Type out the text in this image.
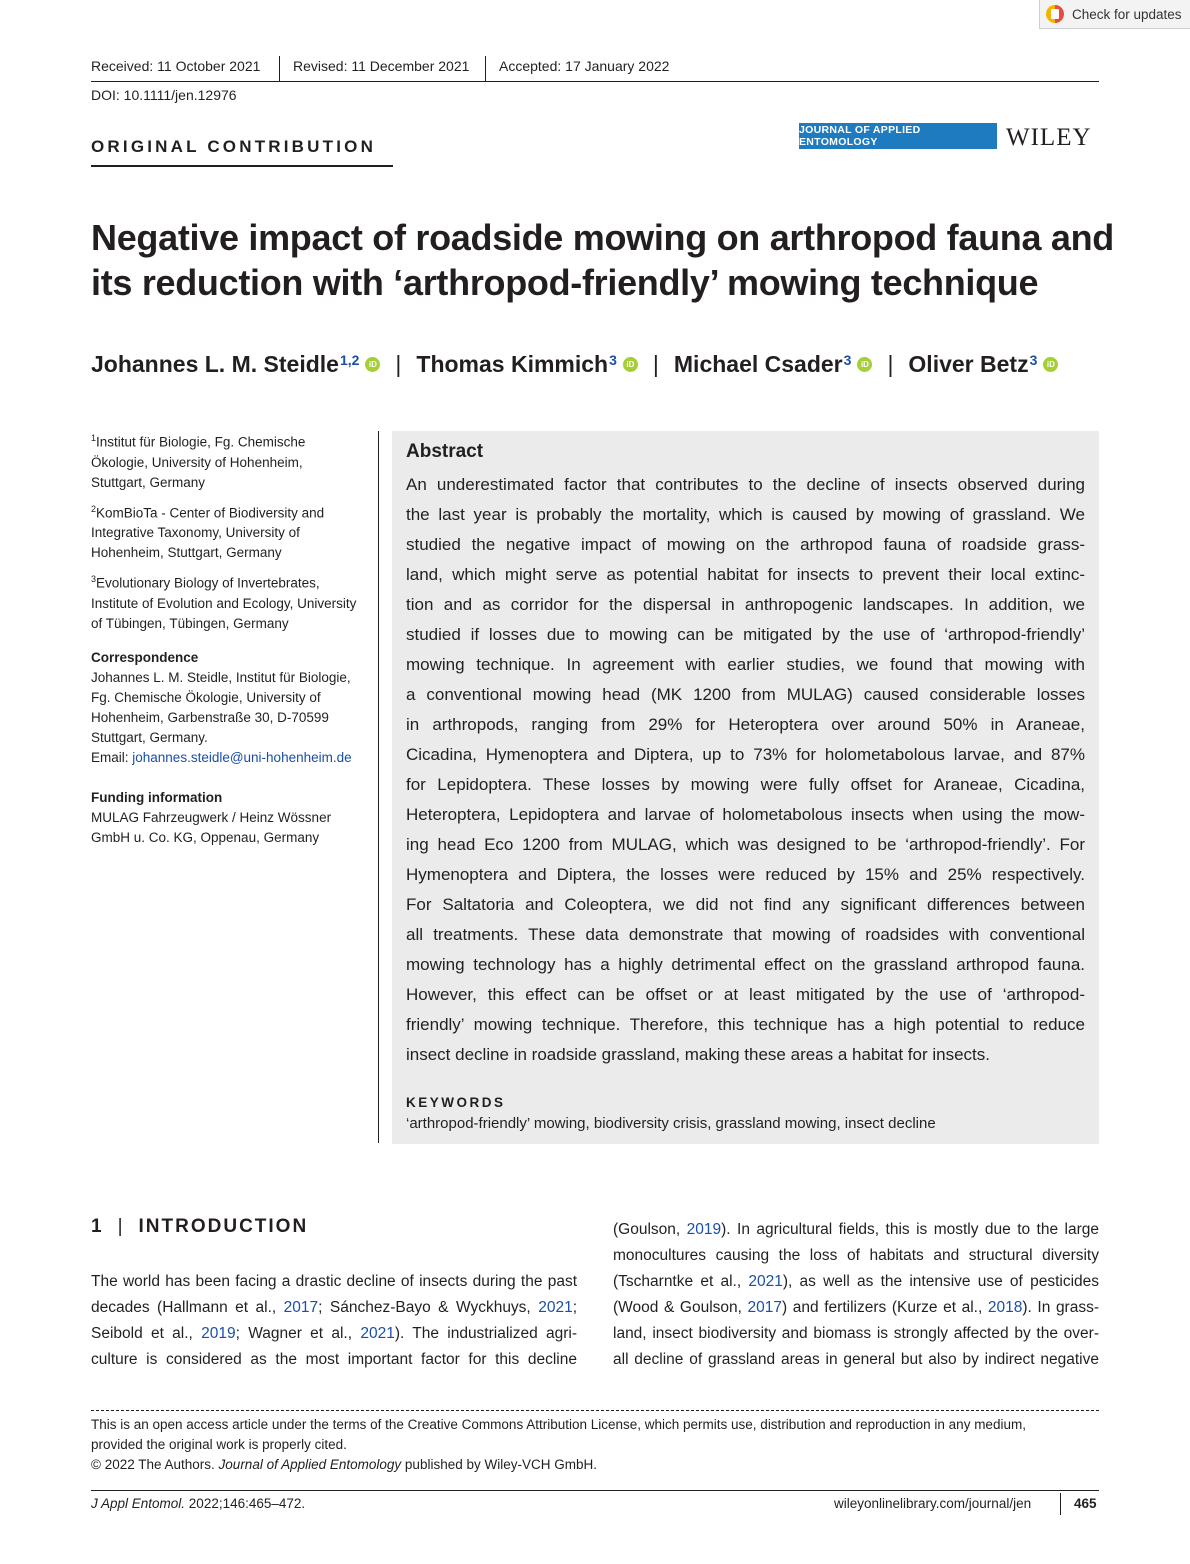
Check for updates
Received: 11 October 2021 Revised: 11 December 2021 Accepted: 17 January 2022
DOI: 10.1111/jen.12976
ORIGINAL CONTRIBUTION
JOURNAL OF APPLIED ENTOMOLOGY	WILEY
Negative impact of roadside mowing on arthropod fauna and
its reduction with ‘arthropod-friendly’ mowing technique
Johannes L. M. Steidle$^{1,2}$	iD | Thomas Kimmich$^3$	iD | Michael Csader$^3$	iD | Oliver Betz$^3$	iD

$^1$Institut für Biologie, Fg. Chemische Ökologie, University of Hohenheim, Stuttgart, Germany

$^2$KomBioTa - Center of Biodiversity and Integrative Taxonomy, University of Hohenheim, Stuttgart, Germany

$^3$Evolutionary Biology of Invertebrates, Institute of Evolution and Ecology, University of Tübingen, Tübingen, Germany

Correspondence
Johannes L. M. Steidle, Institut für Biologie, Fg. Chemische Ökologie, University of Hohenheim, Garbenstraße 30, D-70599 Stuttgart, Germany.
Email: johannes.steidle@uni-hohenheim.de
Funding information
MULAG Fahrzeugwerk / Heinz Wössner GmbH u. Co. KG, Oppenau, Germany
Abstract
An underestimated factor that contributes to the decline of insects observed during
the last year is probably the mortality, which is caused by mowing of grassland. We
studied the negative impact of mowing on the arthropod fauna of roadside grass-
land, which might serve as potential habitat for insects to prevent their local extinc-
tion and as corridor for the dispersal in anthropogenic landscapes. In addition, we
studied if losses due to mowing can be mitigated by the use of ‘arthropod-friendly’
mowing technique. In agreement with earlier studies, we found that mowing with
a conventional mowing head (MK 1200 from MULAG) caused considerable losses
in arthropods, ranging from 29% for Heteroptera over around 50% in Araneae,
Cicadina, Hymenoptera and Diptera, up to 73% for holometabolous larvae, and 87%
for Lepidoptera. These losses by mowing were fully offset for Araneae, Cicadina,
Heteroptera, Lepidoptera and larvae of holometabolous insects when using the mow-
ing head Eco 1200 from MULAG, which was designed to be ‘arthropod-friendly’. For
Hymenoptera and Diptera, the losses were reduced by 15% and 25% respectively.
For Saltatoria and Coleoptera, we did not find any significant differences between
all treatments. These data demonstrate that mowing of roadsides with conventional
mowing technology has a highly detrimental effect on the grassland arthropod fauna.
However, this effect can be offset or at least mitigated by the use of ‘arthropod-
friendly’ mowing technique. Therefore, this technique has a high potential to reduce
insect decline in roadside grassland, making these areas a habitat for insects.
KEYWORDS
‘arthropod-friendly’ mowing, biodiversity crisis, grassland mowing, insect decline
1 | INTRODUCTION
The world has been facing a drastic decline of insects during the past
decades (Hallmann et al., 2017; Sánchez-Bayo & Wyckhuys, 2021;
Seibold et al., 2019; Wagner et al., 2021). The industrialized agri-
culture is considered as the most important factor for this decline
(Goulson, 2019). In agricultural fields, this is mostly due to the large
monocultures causing the loss of habitats and structural diversity
(Tscharntke et al., 2021), as well as the intensive use of pesticides
(Wood & Goulson, 2017) and fertilizers (Kurze et al., 2018). In grass-
land, insect biodiversity and biomass is strongly affected by the over-
all decline of grassland areas in general but also by indirect negative
This is an open access article under the terms of the Creative Commons Attribution License, which permits use, distribution and reproduction in any medium,
provided the original work is properly cited.
© 2022 The Authors. Journal of Applied Entomology published by Wiley-VCH GmbH.
J Appl Entomol. 2022;146:465–472.	wileyonlinelibrary.com/journal/jen	465
